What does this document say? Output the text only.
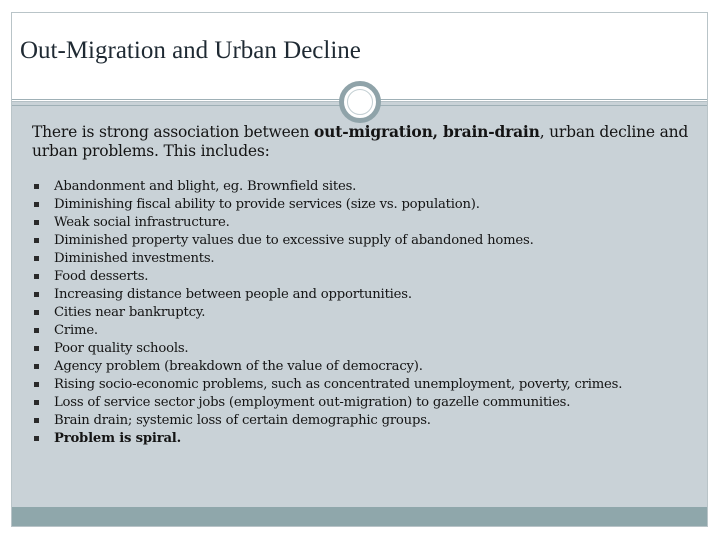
Out-Migration and Urban Decline

There is strong association between out-migration, brain-drain, urban decline and urban problems. This includes:

Abandonment and blight, eg. Brownfield sites.
Diminishing fiscal ability to provide services (size vs. population).
Weak social infrastructure.
Diminished property values due to excessive supply of abandoned homes.
Diminished investments.
Food desserts.
Increasing distance between people and opportunities.
Cities near bankruptcy.
Crime.
Poor quality schools.
Agency problem (breakdown of the value of democracy).
Rising socio-economic problems, such as concentrated unemployment, poverty, crimes.
Loss of service sector jobs (employment out-migration) to gazelle communities.
Brain drain; systemic loss of certain demographic groups.
Problem is spiral.
